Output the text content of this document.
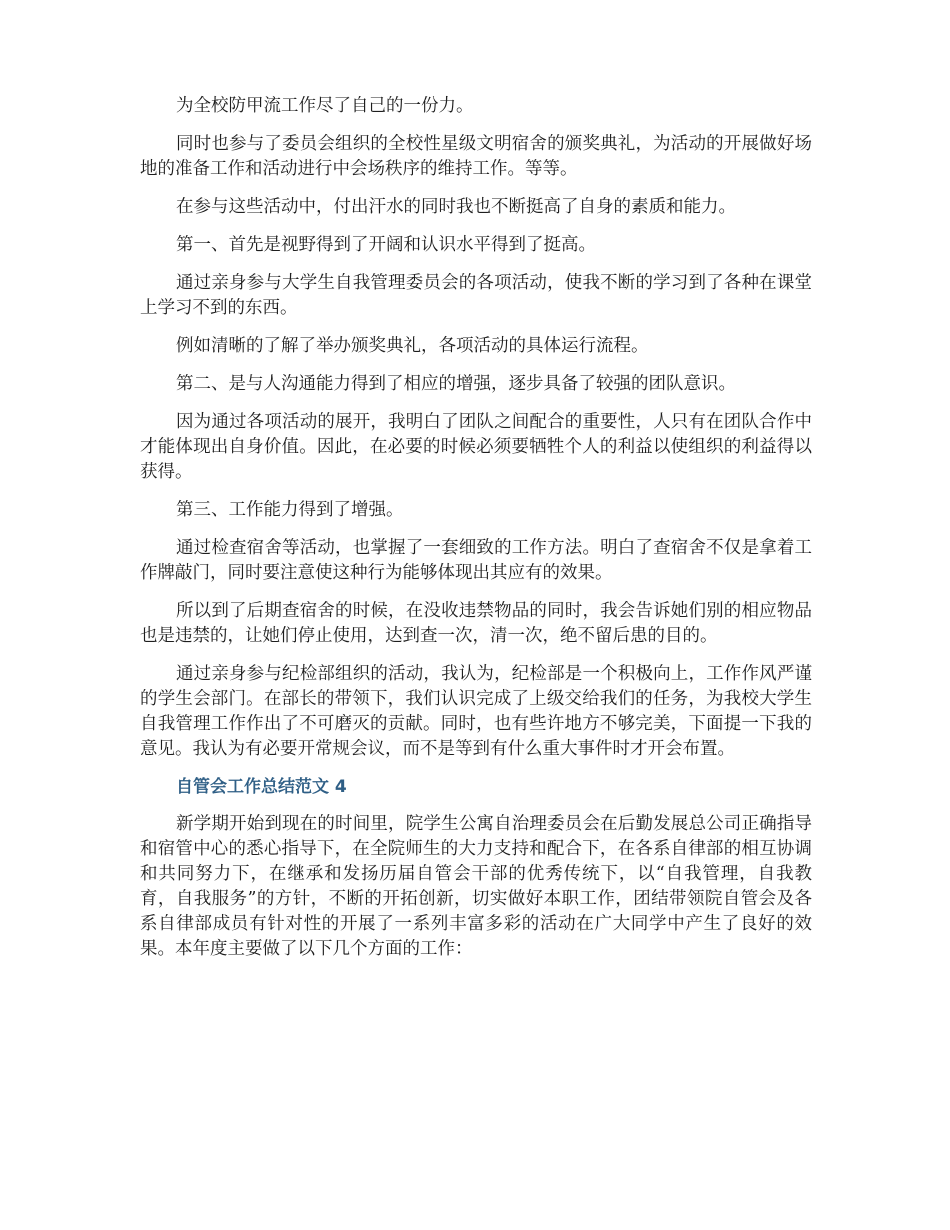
为全校防甲流工作尽了自己的一份力。

同时也参与了委员会组织的全校性星级文明宿舍的颁奖典礼，为活动的开展做好场地的准备工作和活动进行中会场秩序的维持工作。等等。

在参与这些活动中，付出汗水的同时我也不断挺高了自身的素质和能力。

第一、首先是视野得到了开阔和认识水平得到了挺高。

通过亲身参与大学生自我管理委员会的各项活动，使我不断的学习到了各种在课堂上学习不到的东西。

例如清晰的了解了举办颁奖典礼，各项活动的具体运行流程。

第二、是与人沟通能力得到了相应的增强，逐步具备了较强的团队意识。

因为通过各项活动的展开，我明白了团队之间配合的重要性，人只有在团队合作中才能体现出自身价值。因此，在必要的时候必须要牺牲个人的利益以使组织的利益得以获得。

第三、工作能力得到了增强。

通过检查宿舍等活动，也掌握了一套细致的工作方法。明白了查宿舍不仅是拿着工作牌敲门，同时要注意使这种行为能够体现出其应有的效果。

所以到了后期查宿舍的时候，在没收违禁物品的同时，我会告诉她们别的相应物品也是违禁的，让她们停止使用，达到查一次，清一次，绝不留后患的目的。

通过亲身参与纪检部组织的活动，我认为，纪检部是一个积极向上，工作作风严谨的学生会部门。在部长的带领下，我们认识完成了上级交给我们的任务，为我校大学生自我管理工作作出了不可磨灭的贡献。同时，也有些许地方不够完美，下面提一下我的意见。我认为有必要开常规会议，而不是等到有什么重大事件时才开会布置。

自管会工作总结范文 4

新学期开始到现在的时间里，院学生公寓自治理委员会在后勤发展总公司正确指导和宿管中心的悉心指导下，在全院师生的大力支持和配合下，在各系自律部的相互协调和共同努力下，在继承和发扬历届自管会干部的优秀传统下，以“自我管理，自我教育，自我服务”的方针，不断的开拓创新，切实做好本职工作，团结带领院自管会及各系自律部成员有针对性的开展了一系列丰富多彩的活动在广大同学中产生了良好的效果。本年度主要做了以下几个方面的工作：
